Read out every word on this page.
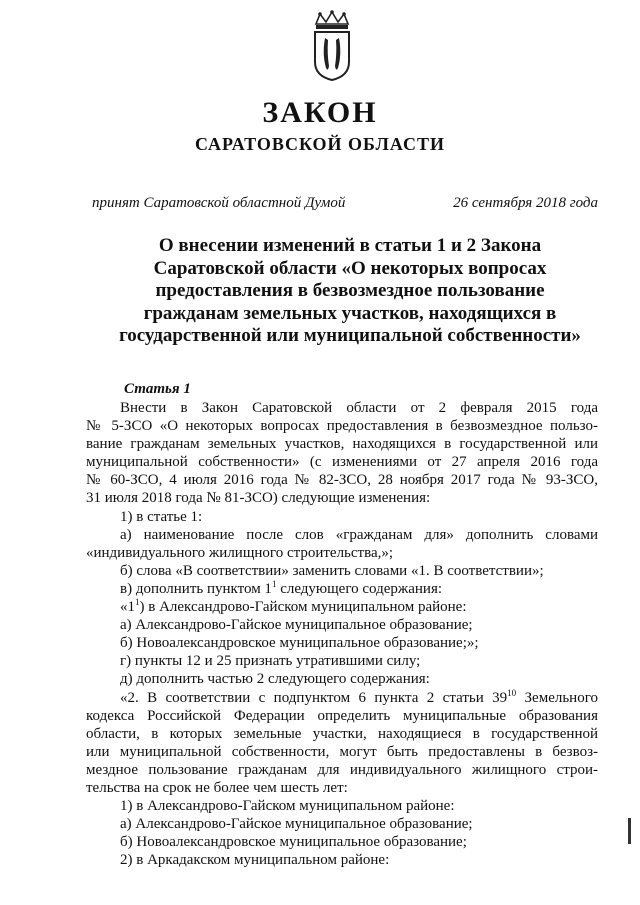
ЗАКОН
САРАТОВСКОЙ ОБЛАСТИ
принят Саратовской областной Думой	26 сентября 2018 года
О внесении изменений в статьи 1 и 2 Закона
Саратовской области «О некоторых вопросах
предоставления в безвозмездное пользование
гражданам земельных участков, находящихся в
государственной или муниципальной собственности»
Статья 1

Внести в Закон Саратовской области от 2 февраля 2015 года

№ 5-ЗСО «О некоторых вопросах предоставления в безвозмездное пользо-

вание гражданам земельных участков, находящихся в государственной или

муниципальной собственности» (с изменениями от 27 апреля 2016 года

№ 60-ЗСО, 4 июля 2016 года № 82-ЗСО, 28 ноября 2017 года № 93-ЗСО,

31 июля 2018 года № 81-ЗСО) следующие изменения:

1) в статье 1:

а) наименование после слов «гражданам для» дополнить словами

«индивидуального жилищного строительства,»;

б) слова «В соответствии» заменить словами «1. В соответствии»;

в) дополнить пунктом $1^1$ следующего содержания:

«$1^1$) в Александрово-Гайском муниципальном районе:

а) Александрово-Гайское муниципальное образование;

б) Новоалександровское муниципальное образование;»;

г) пункты 12 и 25 признать утратившими силу;

д) дополнить частью 2 следующего содержания:

«2. В соответствии с подпунктом 6 пункта 2 статьи $39^{10}$ Земельного

кодекса Российской Федерации определить муниципальные образования

области, в которых земельные участки, находящиеся в государственной

или муниципальной собственности, могут быть предоставлены в безвоз-

мездное пользование гражданам для индивидуального жилищного строи-

тельства на срок не более чем шесть лет:

1) в Александрово-Гайском муниципальном районе:

а) Александрово-Гайское муниципальное образование;

б) Новоалександровское муниципальное образование;

2) в Аркадакском муниципальном районе:
